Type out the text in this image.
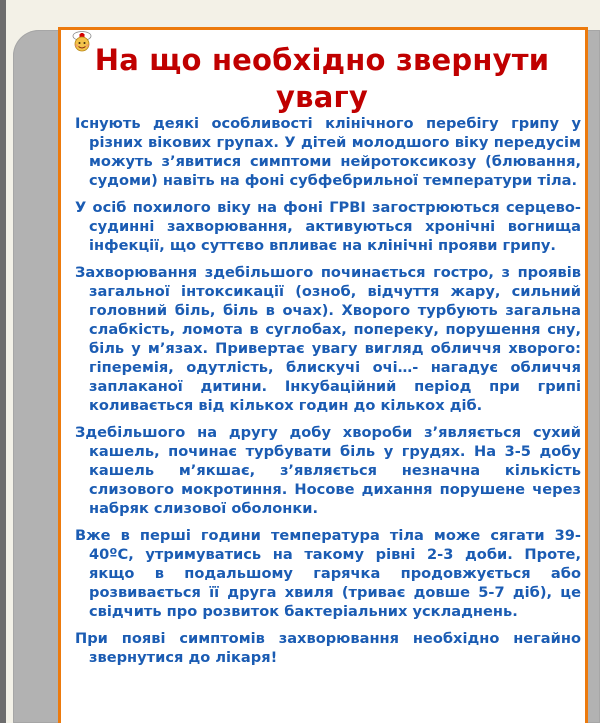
На що необхідно звернути увагу

Існують деякі особливості клінічного перебігу грипу у різних вікових групах. У дітей молодшого віку передусім можуть з’явитися симптоми нейротоксикозу (блювання, судоми) навіть на фоні субфебрильної температури тіла.

У осіб похилого віку на фоні ГРВІ загострюються серцево-судинні захворювання, активуються хронічні вогнища інфекції, що суттєво впливає на клінічні прояви грипу.

Захворювання здебільшого починається гостро, з проявів загальної інтоксикації (озноб, відчуття жару, сильний головний біль, біль в очах). Хворого турбують загальна слабкість, ломота в суглобах, попереку, порушення сну, біль у м’язах. Привертає увагу вигляд обличчя хворого: гіперемія, одутлість, блискучі очі…- нагадує обличчя заплаканої дитини. Інкубаційний період при грипі коливається від кількох годин до кількох діб.

Здебільшого на другу добу хвороби з’являється сухий кашель, починає турбувати біль у грудях. На 3-5 добу кашель м’якшає, з’являється незначна кількість слизового мокротиння. Носове дихання порушене через набряк слизової оболонки.

Вже в перші години температура тіла може сягати 39-40ºC, утримуватись на такому рівні 2-3 доби. Проте, якщо в подальшому гарячка продовжується або розвивається її друга хвиля (триває довше 5-7 діб), це свідчить про розвиток бактеріальних ускладнень.

При появі симптомів захворювання необхідно негайно звернутися до лікаря!
